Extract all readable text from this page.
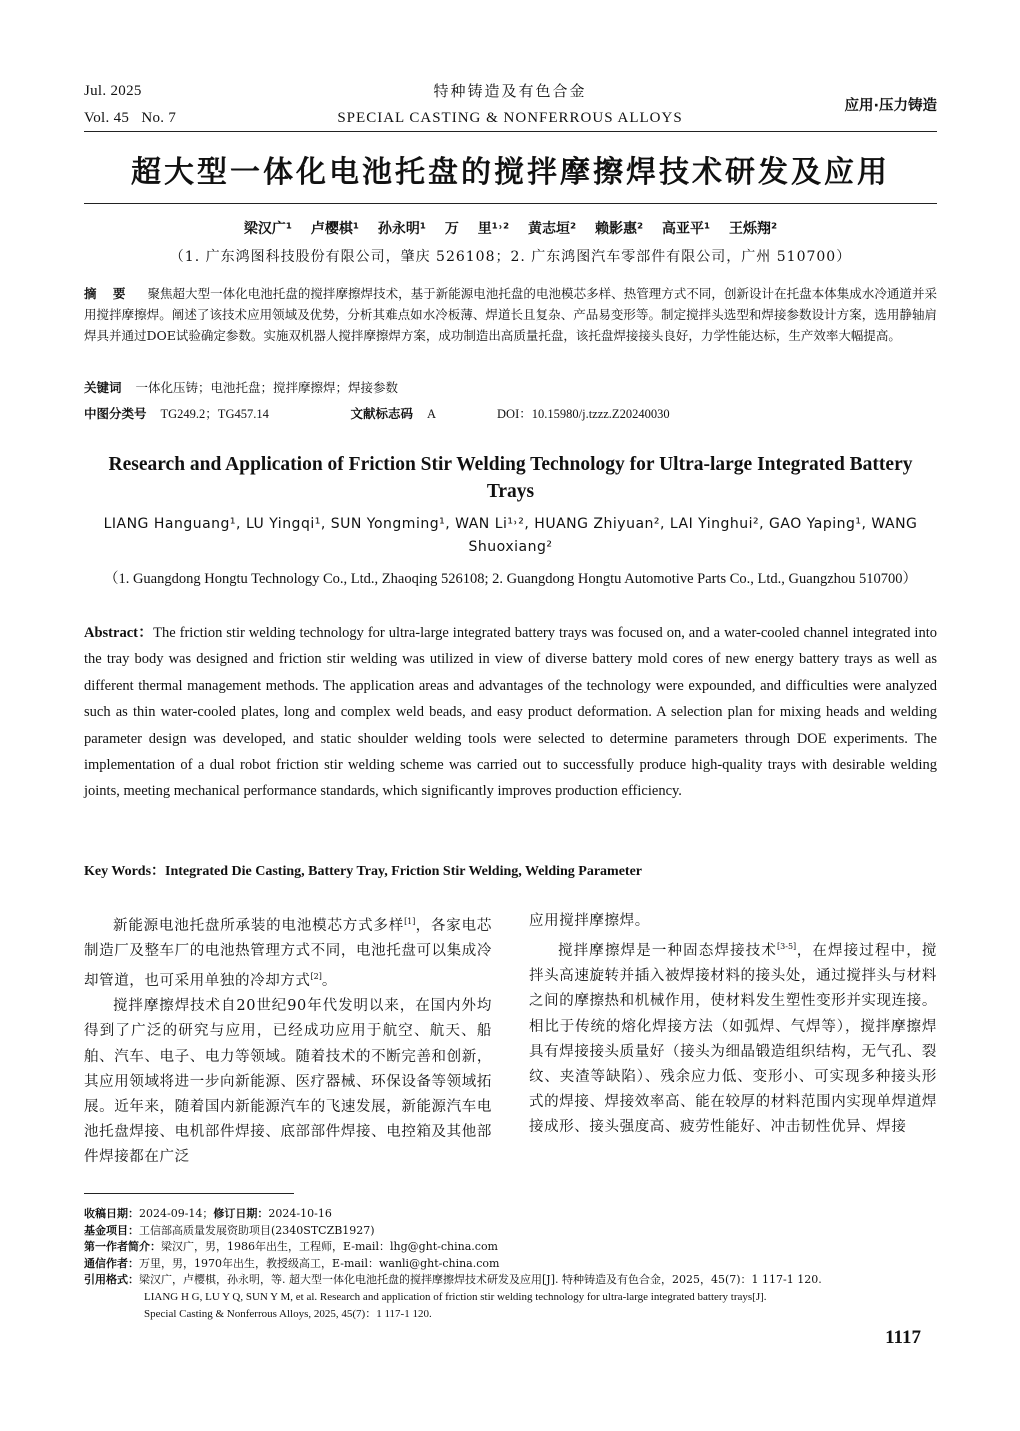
Jul. 2025
Vol. 45   No. 7
特种铸造及有色合金
SPECIAL CASTING & NONFERROUS ALLOYS
应用·压力铸造
超大型一体化电池托盘的搅拌摩擦焊技术研发及应用
梁汉广¹ 卢樱棋¹ 孙永明¹ 万 里¹˒² 黄志垣² 赖影惠² 高亚平¹ 王烁翔²
（1. 广东鸿图科技股份有限公司，肇庆 526108；2. 广东鸿图汽车零部件有限公司，广州 510700）
摘 要 聚焦超大型一体化电池托盘的搅拌摩擦焊技术，基于新能源电池托盘的电池模芯多样、热管理方式不同，创新设计在托盘本体集成水冷通道并采用搅拌摩擦焊。阐述了该技术应用领域及优势，分析其难点如水冷板薄、焊道长且复杂、产品易变形等。制定搅拌头选型和焊接参数设计方案，选用静轴肩焊具并通过DOE试验确定参数。实施双机器人搅拌摩擦焊方案，成功制造出高质量托盘，该托盘焊接接头良好，力学性能达标，生产效率大幅提高。
关键词 一体化压铸；电池托盘；搅拌摩擦焊；焊接参数
中图分类号 TG249.2；TG457.14	文献标志码 A	DOI：10.15980/j.tzzz.Z20240030
Research and Application of Friction Stir Welding Technology for Ultra-large Integrated Battery Trays
LIANG Hanguang¹, LU Yingqi¹, SUN Yongming¹, WAN Li¹˒², HUANG Zhiyuan², LAI Yinghui², GAO Yaping¹, WANG Shuoxiang²
（1. Guangdong Hongtu Technology Co., Ltd., Zhaoqing 526108; 2. Guangdong Hongtu Automotive Parts Co., Ltd., Guangzhou 510700）
Abstract：The friction stir welding technology for ultra-large integrated battery trays was focused on, and a water-cooled channel integrated into the tray body was designed and friction stir welding was utilized in view of diverse battery mold cores of new energy battery trays as well as different thermal management methods. The application areas and advantages of the technology were expounded, and difficulties were analyzed such as thin water-cooled plates, long and complex weld beads, and easy product deformation. A selection plan for mixing heads and welding parameter design was developed, and static shoulder welding tools were selected to determine parameters through DOE experiments. The implementation of a dual robot friction stir welding scheme was carried out to successfully produce high-quality trays with desirable welding joints, meeting mechanical performance standards, which significantly improves production efficiency.
Key Words：Integrated Die Casting, Battery Tray, Friction Stir Welding, Welding Parameter

新能源电池托盘所承装的电池模芯方式多样[1]，各家电芯制造厂及整车厂的电池热管理方式不同，电池托盘可以集成冷却管道，也可采用单独的冷却方式[2]。

搅拌摩擦焊技术自20世纪90年代发明以来，在国内外均得到了广泛的研究与应用，已经成功应用于航空、航天、船舶、汽车、电子、电力等领域。随着技术的不断完善和创新，其应用领域将进一步向新能源、医疗器械、环保设备等领域拓展。近年来，随着国内新能源汽车的飞速发展，新能源汽车电池托盘焊接、电机部件焊接、底部部件焊接、电控箱及其他部件焊接都在广泛

应用搅拌摩擦焊。

搅拌摩擦焊是一种固态焊接技术[3-5]，在焊接过程中，搅拌头高速旋转并插入被焊接材料的接头处，通过搅拌头与材料之间的摩擦热和机械作用，使材料发生塑性变形并实现连接。相比于传统的熔化焊接方法（如弧焊、气焊等），搅拌摩擦焊具有焊接接头质量好（接头为细晶锻造组织结构，无气孔、裂纹、夹渣等缺陷）、残余应力低、变形小、可实现多种接头形式的焊接、焊接效率高、能在较厚的材料范围内实现单焊道焊接成形、接头强度高、疲劳性能好、冲击韧性优异、焊接

收稿日期：2024-09-14；修订日期：2024-10-16
基金项目：工信部高质量发展资助项目(2340STCZB1927)
第一作者简介：梁汉广，男，1986年出生，工程师，E-mail：lhg@ght-china.com
通信作者：万里，男，1970年出生，教授级高工，E-mail：wanli@ght-china.com
引用格式：梁汉广，卢樱棋，孙永明，等. 超大型一体化电池托盘的搅拌摩擦焊技术研发及应用[J]. 特种铸造及有色合金，2025，45(7)：1 117-1 120.
LIANG H G, LU Y Q, SUN Y M, et al. Research and application of friction stir welding technology for ultra-large integrated battery trays[J].
Special Casting & Nonferrous Alloys, 2025, 45(7)：1 117-1 120.
1117
